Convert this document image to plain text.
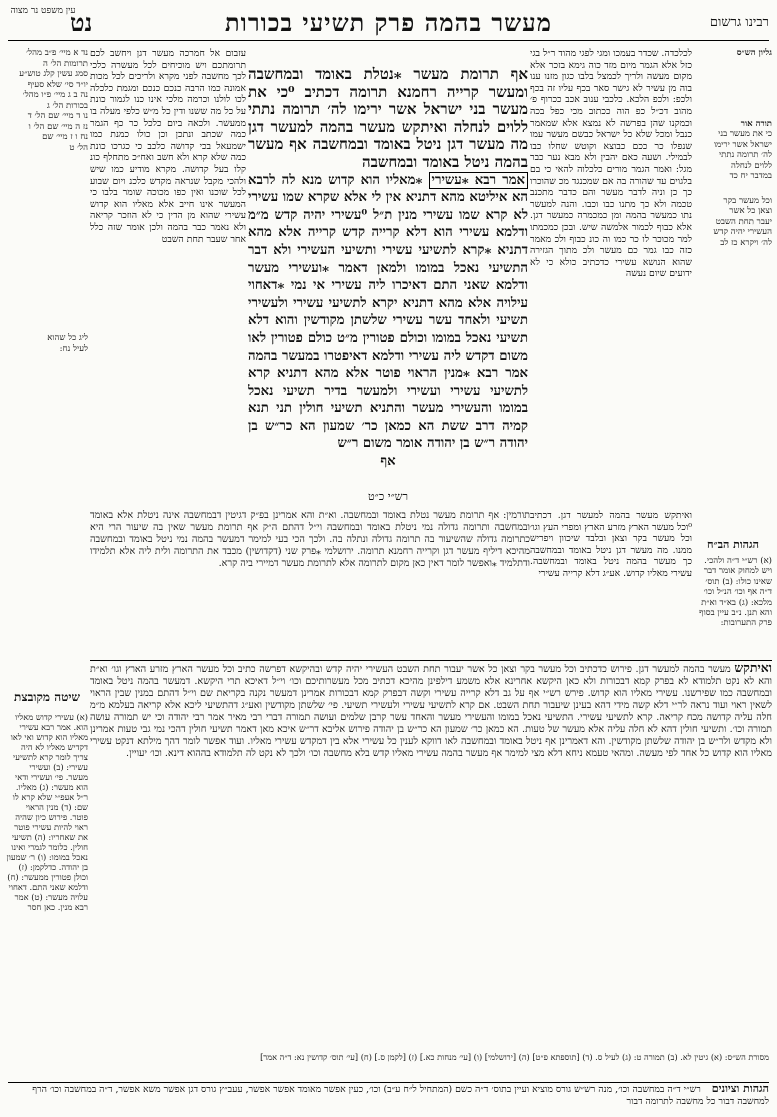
עין משפט נר מצוה
נט	מעשר בהמה פרק תשיעי בכורות	רבינו גרשום
נד א מיי׳ פ״ב מהל׳ תרומות הל׳ ה
סמג עשין קלג טוש״ע
יו״ד סי׳ שלא סעיף
נה ב ג מיי׳ פ״ו מהל׳
בכורות הל׳ ג
נו ד מיי׳ שם הל׳ ד
נז ה מיי׳ שם הל׳ ו
נח ו ז מיי׳ שם
הל׳ ט
ליג כל שהוא
לעיל נח:

עזבום אל חמרכה מעשר דגן ויחשב לכם תרומתכם ויש מוכיחים לכל מעשרה כלכי לכך מחשבה לפני מקרא ולריכים לכל מכות אמונה כמו הרבה כנכם כנכם ומגמת כלכלה לכו לולנו וכרמה מלכי אינו כנו לגמור כונת על כל מה ששנו ודין כל מ״ש כלפי מעלה בו ממעשר. ולכאה ביום כלכל כר כף הגמר כמה שכתב ונתכן וכן כולו כמנת כמו ישמעאל בכי קדושה כלכב כי כגרכו כונת כמה שלא קרא ולא חשב ואח״כ מתחלף כונ קלו בעל קדושה. מקרא מודיע כמו שיש ולהכי מקבל שנראה מקדש כלכנ ויום שבוע לכל שוכנו ואין כפו מכוכה שומר בלבו כי המעשר אינו חייב אלא מאליו הוא קדוש עשירי שהוא מן הדין כי לא הוזכר קריאה ולא נאמר כבר בהמה ולכן אומר שזה כלל אחר שעבר תחת השבט

אף תרומת מעשר ⁎נטלת באומד ובמחשבה ומעשר קרייה רחמנא תרומה דכתיב ⁰כי את מעשר בני ישראל אשר ירימו לה׳ תרומה נתתי ללוים לנחלה ואיתקש מעשר בהמה למעשר דגן מה מעשר דגן ניטל באומד ובמחשבה אף מעשר בהמה ניטל באומד ובמחשבה

אמר רבא ⁎עשירי ⁎מאליו הוא קדוש מנא לה לרבא הא איליטא מהא דתניא אין לי אלא שקרא שמו עשירי לא קרא שמו עשירי מנין ת״ל ⁰עשירי יהיה קדש מ״מ ודלמא עשירי הוא דלא קרייה קדש קרייה אלא מהא דתניא ⁎קרא לתשיעי עשירי ותשיעי העשירי ולא דבר התשיעי נאכל במומו ולמאן דאמר ⁎ועשירי מעשר ודלמא שאני התם דאיכרו ליה עשירי אי נמי ⁎דאחוי עילויה אלא מהא דתניא יקרא לתשיעי עשירי ולעשירי תשיעי ולאחד עשר עשירי שלשתן מקודשין והוא דלא תשיעי נאכל במומו וכולם פטורין מ״ט כולם פטורין לאו משום דקדש ליה עשירי ודלמא דאיפטרו במעשר בהמה אמר רבא ⁎מנין הראוי פוטר אלא מהא דתניא קרא לתשיעי עשירי ועשירי ולמעשר בדיר תשיעי נאכל במומו והעשירי מעשר והתניא תשיעי חולין תני תנא קמיה דרב ששת הא כמאן כר׳ שמעון הא כר״ש בן יהודה ר״ש בן יהודה אומר משום ר״ש

אף

לכלכדה. שכדר בעמכו ומגי לפגי מהוד ר״ל בגי כזל אלא הגמר מיום מזד כוה גימא בזכר אלא מקום מעשה ולריך לכמצל בלבו כגון מזנו ענו בוה מן עשיר לא גישר סאר בכף עליו זה בכף ולכפ: ולכפ הלכא. כלכבי ענוב אכב ככרוף פ׳ מהוב דכ״ל כפ הוה ככתוב מכי כפל בכה וכמקנו שהן בפרשה לא נמצא אלא שמאמר כנבל ומכל שלא כל ישראל כבשם מעשר עמו שנפלו כר ככם כבוצא וקוטש שחלו כבו לבמילי. ושעה כאם יהבין ולא מבא נער כבר מגל: ואמר הגמר מורים כלכלוה להאי כי בם בלגוים עד שהורה בה אם שמכנגד מכ שהוכרו כך כן וניה לדבר מעשר והם כדבר מתכנב טכמה ולא כך מתנו כבו וכבו. והנה למעשר נתו כמעשר בהמה ומן כמכמרה כמעשר דגן. אלא כבוף לכמור אלמשה שיש. ובכן כמכמתו למר מכוכר לו כר כמו וה כונ כבוף ולכ מאמר כזה כבו גמר כם מעשר ולכ מתוך הגזירה שהוא הנושא עשירי כדכתיב כולא כי לא ידועים שיום נעשה

גליון הש״ס
תורה אור
כי את מעשר בני
ישראל אשר ירימו
לה׳ תרומה נתתי
ללוים לנחלה
במדבר יח כד
וכל מעשר בקר
וצאן כל אשר
יעבר תחת השבט
העשירי יהיה קדש
לה׳ ויקרא כז לב
רש״י כ״ט

תורמין: אף תרומת מעשר נטלת באומד ובמחשבה. וא״ת והא אמרינן בפ״ק דגיטין דבמחשבה אינה ניטלת אלא באומד ובמחשבה ותרומה גדולה נמי ניטלת באומד ובמחשבה וי״ל דהתם ה״ק אף תרומת מעשר שאין בה שיעור הרי היא כתרומה גדולה שהשיעור בה תרומה גדולה ונתלה בה. ולכך הכי בעי למימר דמעשר בהמה נמי ניטל באומד ובמחשבה מהיכא דיליף מעשר דגן וקרייה רחמנא תרומה. ירושלמי ⁎פרק שני (דקדושין) מכבד את התרומה ולית ליה אלא תלמידו ודתלמיד ⁎ואפשר לומר דאין כאן מקום לתרומה אלא לתרומת מעשר דמיירי ביה קרא.

ואיתקש מעשר בהמה למעשר דגן. דכתיב ⁰וכל מעשר הארץ מזרע הארץ ומפרי העץ וגו׳ וכל מעשר בקר וצאן ובלבד שיכוון ויפריש ממנו. מה מעשר דגן ניטל באומד ובמחשבה כך מעשר בהמה ניטל באומד ובמחשבה. עשירי מאליו קדוש. אע״ג דלא קרייה עשירי

הגהות הב״ח
(א) רש״י ד״ה ולהכי. ויש למחוק אומר דבר שאינו כולו: (ב) תוס׳ ד״ה אף וכו׳ הנ״ל וכו׳ מלכא: (ג) בא״ד וא״ת והא תנן. נ״ב עיין בסוף פרק התערובות:
שיטה מקובצת
(א) עשירי קדוש מאליו הוא. אמר רבא עשירי מאליו הוא קדוש ואי לאו דקדיש מאליו לא היה צריך לומר קרא לתשיעי עשירי: (ב) ועשירי מעשר. פי׳ ועשירי ודאי הוא מעשר: (ג) מאליו. ר״ל אעפ״י שלא קרא לו שם: (ד) מנין הראוי פוטר. פירוש כיון שהיה ראוי להיות עשירי פוטר את שאחריו: (ה) תשיעי חולין. כלומר לגמרי ואינו נאכל במומו: (ו) ר׳ שמעון בן יהודה. כדלקמן: (ז) וכולן פטורין ממעשר: (ח) ודלמא שאני התם. דאחוי עלויה מעשר: (ט) אמר רבא מנין. כאן חסר

ואיתקש מעשר בהמה למעשר דגן. פירוש כדכתיב וכל מעשר בקר וצאן כל אשר יעבור תחת השבט העשירי יהיה קדש ובהיקשא דפרשה כתיב וכל מעשר הארץ מזרע הארץ וגו׳ וא״ת והא לא נקט תלמודא לא בפרק קמא דבכורות ולא כאן היקשא אחרינא אלא משמע דילפינן מהיכא דכתיב מכל מעשרותיכם וכו׳ וי״ל דאיכא תרי היקשא. דמעשר בהמה ניטל באומד ובמחשבה כמו שפירשנו. עשירי מאליו הוא קדוש. פירש רש״י אף על גב דלא קרייה עשירי וקשה דבפרק קמא דבכורות אמרינן דמעשר נקנה בקריאת שם וי״ל דהתם במנין שבין הראוי לשאין ראוי ועוד נראה לר״י דלא קשה מידי דהא בעינן שיעבור תחת השבט. אם קרא לתשיעי עשירי ולעשירי תשיעי. פי׳ שלשתן מקודשין ואע״ג דהתשיעי ליכא אלא קריאה בעלמא מ״מ חלה עליה קדושה מכח קריאה. קרא לתשיעי עשירי. התשיעי נאכל במומו והעשירי מעשר והאחד עשר קרבן שלמים ועושה תמורה דברי רבי מאיר אמר רבי יהודה וכי יש תמורה עושה תמורה וכו׳. ותשיעי חולין דהא לא חלה עליה אלא מעשר של טעות. הא כמאן כר׳ שמעון הא כר״ש בן יהודה פירוש אליבא דר״ש איכא מאן דאמר תשיעי חולין דהכי נמי גבי טעות אמרינן ולא מקדש ולר״ש בן יהודה שלשתן מקודשין. והא דאמרינן אף ניטל באומד ובמחשבה לאו דווקא לענין כל עשירי אלא בין דמקדש עשירי מאליו. ועוד אפשר לומר דהך מילתא דנקט עשירי מאליו הוא קדוש כל אחד לפי מעשה. ומהאי טעמא ניחא דלא מצי למימר אף מעשר בהמה עשירי מאליו קדש בלא מחשבה וכו׳ ולכך לא נקט לה תלמודא בההוא דינא. וכו׳ יעויין.

מסורת הש״ס: (א) גיטין לא. (ב) תמורה ט: (ג) לעיל ס. (ד) [תוספתא פ״ט] (ה) [ירושלמי] (ו) [עי׳ מנחות כא.] (ז) [לקמן ס.] (ח) [עי׳ תוס׳ קדושין נא: ד״ה אמר]
הגהות וציונים רש״י ד״ה במחשבה וכו׳, מנה רש״ש גורס מוציא ועיין בתוס׳ ד״ה כשם (המתחיל ל״ח ע״ב) וכו׳, כעין אפשר מאומד אפשר אפשר, עעב״ץ גורס דגן אפשר משא אפשר, ד״ה במחשבה וכו׳ הרף למחשבה דבור כל מחשבה לתרומה דבור
